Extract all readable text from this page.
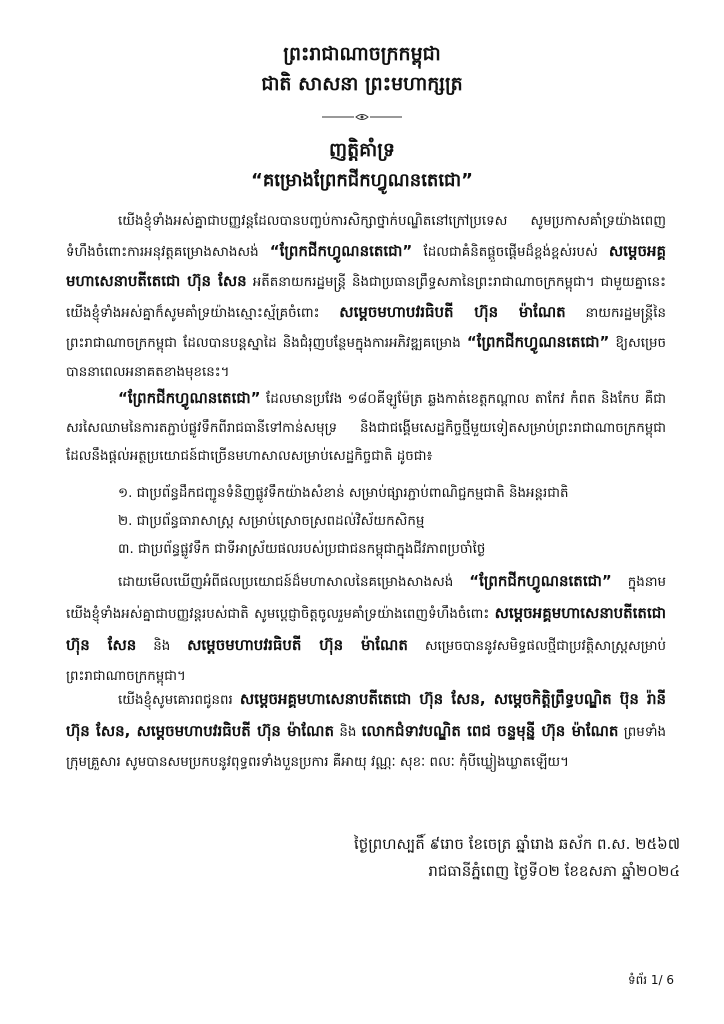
ព្រះរាជាណាចក្រកម្ពុជា
ជាតិ សាសនា ព្រះមហាក្សត្រ
ញត្តិគាំទ្រ
“គម្រោងព្រែកជីកហ្វូណនតេជោ”

យើងខ្ញុំទាំងអស់គ្នាជាបញ្ញវន្តដែលបានបញ្ចប់ការសិក្សាថ្នាក់បណ្ឌិតនៅក្រៅប្រទេស សូមប្រកាសគាំទ្រយ៉ាងពេញទំហឹងចំពោះការអនុវត្តគម្រោងសាងសង់ “ព្រែកជីកហ្វូណនតេជោ” ដែលជាគំនិតផ្តួចផ្តើមដ៏ខ្ពង់ខ្ពស់របស់ សម្តេចអគ្គមហាសេនាបតីតេជោ ហ៊ុន សែន អតីតនាយករដ្ឋមន្ត្រី និងជាប្រធានព្រឹទ្ធសភានៃព្រះរាជាណាចក្រកម្ពុជា។ ជាមួយគ្នានេះ យើងខ្ញុំទាំងអស់គ្នាក៏សូមគាំទ្រយ៉ាងស្មោះស្ម័គ្រចំពោះ សម្តេចមហាបវរធិបតី ហ៊ុន ម៉ាណែត នាយករដ្ឋមន្ត្រីនៃព្រះរាជាណាចក្រកម្ពុជា ដែលបានបន្តស្នាដៃ និងជំរុញបន្ថែមក្នុងការអភិវឌ្ឍគម្រោង “ព្រែកជីកហ្វូណនតេជោ” ឱ្យសម្រេចបាននាពេលអនាគតខាងមុខនេះ។

“ព្រែកជីកហ្វូណនតេជោ” ដែលមានប្រវែង ១៨០គីឡូម៉ែត្រ ឆ្លងកាត់ខេត្តកណ្តាល តាកែវ កំពត និងកែប គឺជាសរសៃឈាមនៃការតភ្ជាប់ផ្លូវទឹកពីរាជធានីទៅកាន់សមុទ្រ និងជាជង្គើមសេដ្ឋកិច្ចថ្មីមួយទៀតសម្រាប់ព្រះរាជាណាចក្រកម្ពុជា ដែលនឹងផ្តល់អត្ថប្រយោជន៍ជាច្រើនមហាសាលសម្រាប់សេដ្ឋកិច្ចជាតិ ដូចជា៖

១. ជាប្រព័ន្ធដឹកជញ្ជូនទំនិញផ្លូវទឹកយ៉ាងសំខាន់ សម្រាប់ផ្សារភ្ជាប់ពាណិជ្ជកម្មជាតិ និងអន្តរជាតិ
២. ជាប្រព័ន្ធធារាសាស្ត្រ សម្រាប់ស្រោចស្រពដល់វិស័យកសិកម្ម
៣. ជាប្រព័ន្ធផ្លូវទឹក ជាទីអាស្រ័យផលរបស់ប្រជាជនកម្ពុជាក្នុងជីវភាពប្រចាំថ្ងៃ

ដោយមើលឃើញអំពីផលប្រយោជន៍ដ៏មហាសាលនៃគម្រោងសាងសង់ “ព្រែកជីកហ្វូណនតេជោ” ក្នុងនាមយើងខ្ញុំទាំងអស់គ្នាជាបញ្ញវន្តរបស់ជាតិ សូមប្តេជ្ញាចិត្តចូលរួមគាំទ្រយ៉ាងពេញទំហឹងចំពោះ សម្តេចអគ្គមហាសេនាបតីតេជោ ហ៊ុន សែន និង សម្តេចមហាបវរធិបតី ហ៊ុន ម៉ាណែត សម្រេចបាននូវសមិទ្ធផលថ្មីជាប្រវត្តិសាស្ត្រសម្រាប់ព្រះរាជាណាចក្រកម្ពុជា។

យើងខ្ញុំសូមគោរពជូនពរ សម្តេចអគ្គមហាសេនាបតីតេជោ ហ៊ុន សែន, សម្តេចកិត្តិព្រឹទ្ធបណ្ឌិត ប៊ុន រ៉ានី ហ៊ុន សែន, សម្តេចមហាបវរធិបតី ហ៊ុន ម៉ាណែត និង លោកជំទាវបណ្ឌិត ពេជ ចន្ទមុន្នី ហ៊ុន ម៉ាណែត ព្រមទាំងក្រុមគ្រួសារ សូមបានសមប្រកបនូវពុទ្ធពរទាំងបួនប្រការ គឺអាយុ វណ្ណៈ សុខៈ ពលៈ កុំបីឃ្លៀងឃ្លាតឡើយ។

ថ្ងៃព្រហស្បតិ៍ ៩រោច ខែចេត្រ ឆ្នាំរោង ឆស័ក ព.ស. ២៥៦៧
រាជធានីភ្នំពេញ ថ្ងៃទី០២ ខែឧសភា ឆ្នាំ២០២៤
ទំព័រ 1/ 6
